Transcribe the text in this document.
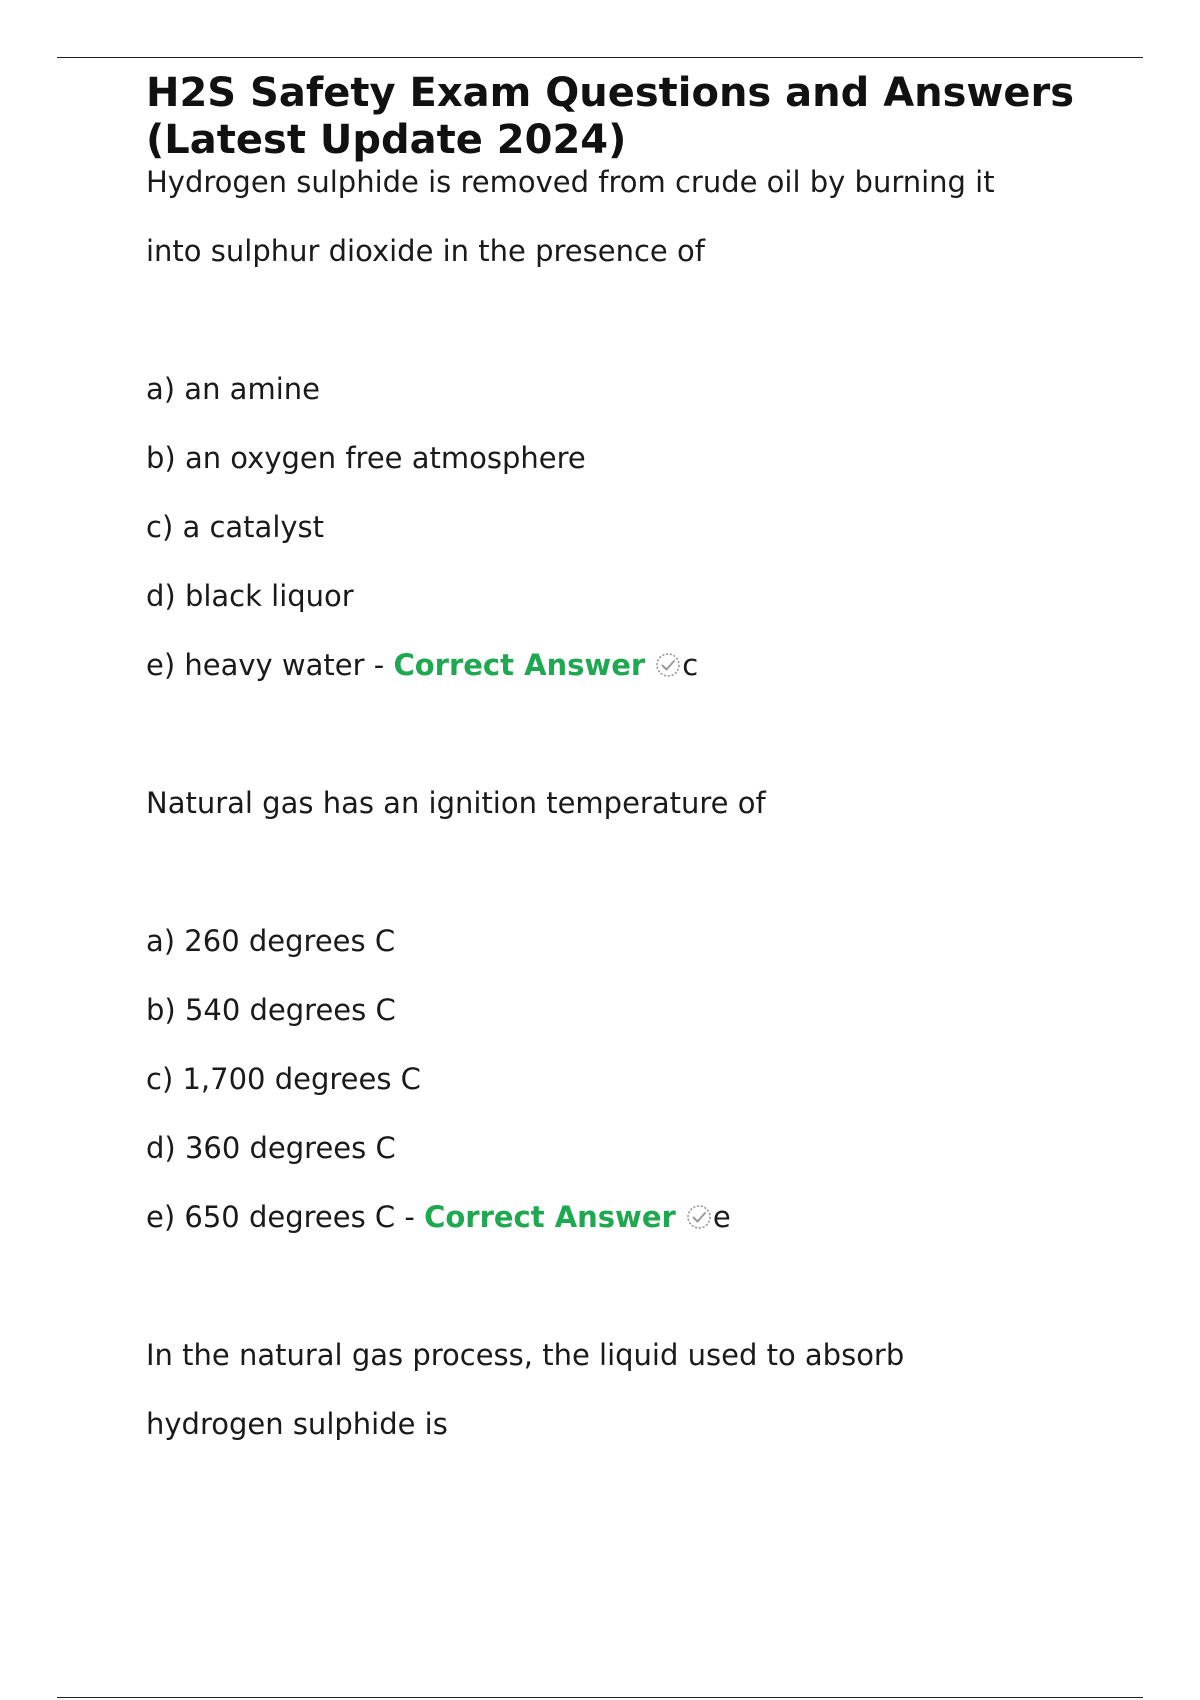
H2S Safety Exam Questions and Answers (Latest Update 2024)

Hydrogen sulphide is removed from crude oil by burning it

into sulphur dioxide in the presence of

a) an amine

b) an oxygen free atmosphere

c) a catalyst

d) black liquor

e) heavy water - Correct Answer c

Natural gas has an ignition temperature of

a) 260 degrees C

b) 540 degrees C

c) 1,700 degrees C

d) 360 degrees C

e) 650 degrees C - Correct Answer e

In the natural gas process, the liquid used to absorb

hydrogen sulphide is
